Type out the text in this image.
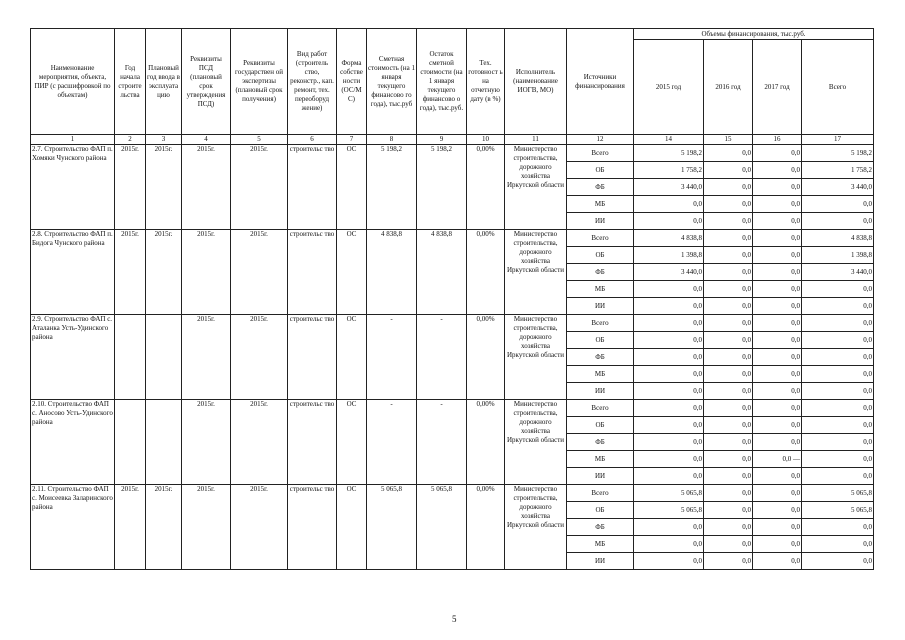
Наименование мероприятия, объекта, ПИР (с расшифровкой по объектам)	Год начала строите льства	Плановый год ввода в эксплуата цию	Реквизиты ПСД (плановый срок утверждения ПСД)	Реквизиты государствен ой экспертизы (плановый срок получения)	Вид работ (строитель ство, реконстр., кап. ремонт, тех. переоборуд жение)	Форма собстве ности (ОС/М С)	Сметная стоимость (на 1 января текущего финансово го года), тыс.руб	Остаток сметной стоимости (на 1 января текущего финансово о года), тыс.руб.	Тех. готовност ь на отчетную дату (в %)	Исполнитель (наименование ИОГВ, МО)	Источники финансирования	Объемы финансирования, тыс.руб.			
												2015 год	2016 год	2017 год	Всего
1	2	3	4	5	6	7	8	9	10	11	12	14	15	16	17
2.7. Строительство ФАП п. Хомяки Чунского района	2015г.	2015г.	2015г.	2015г.	строительс тво	ОС	5 198,2	5 198,2	0,00%	Министерство строительства, дорожного хозяйства Иркутской области	Всего	5 198,2	0,0	0,0	5 198,2
											ОБ	1 758,2	0,0	0,0	1 758,2
											ФБ	3 440,0	0,0	0,0	3 440,0
											МБ	0,0	0,0	0,0	0,0
											ИИ	0,0	0,0	0,0	0,0
2.8. Строительство ФАП п. Бидога Чунского района	2015г.	2015г.	2015г.	2015г.	строительс тво	ОС	4 838,8	4 838,8	0,00%	Министерство строительства, дорожного хозяйства Иркутской области	Всего	4 838,8	0,0	0,0	4 838,8
											ОБ	1 398,8	0,0	0,0	1 398,8
											ФБ	3 440,0	0,0	0,0	3 440,0
											МБ	0,0	0,0	0,0	0,0
											ИИ	0,0	0,0	0,0	0,0
2.9. Строительство ФАП с. Аталанка Усть-Удинского района			2015г.	2015г.	строительс тво	ОС	-	-	0,00%	Министерство строительства, дорожного хозяйства Иркутской области	Всего	0,0	0,0	0,0	0,0
											ОБ	0,0	0,0	0,0	0,0
											ФБ	0,0	0,0	0,0	0,0
											МБ	0,0	0,0	0,0	0,0
											ИИ	0,0	0,0	0,0	0,0
2.10. Строительство ФАП с. Аносово Усть-Удинского района			2015г.	2015г.	строительс тво	ОС	-	-	0,00%	Министерство строительства, дорожного хозяйства Иркутской области	Всего	0,0	0,0	0,0	0,0
											ОБ	0,0	0,0	0,0	0,0
											ФБ	0,0	0,0	0,0	0,0
											МБ	0,0	0,0	0,0 —	0,0
											ИИ	0,0	0,0	0,0	0,0
2.11. Строительство ФАП с. Моисеевка Заларинского района	2015г.	2015г.	2015г.	2015г.	строительс тво	ОС	5 065,8	5 065,8	0,00%	Министерство строительства, дорожного хозяйства Иркутской области	Всего	5 065,8	0,0	0,0	5 065,8
											ОБ	5 065,8	0,0	0,0	5 065,8
											ФБ	0,0	0,0	0,0	0,0
											МБ	0,0	0,0	0,0	0,0
											ИИ	0,0	0,0	0,0	0,0
5
